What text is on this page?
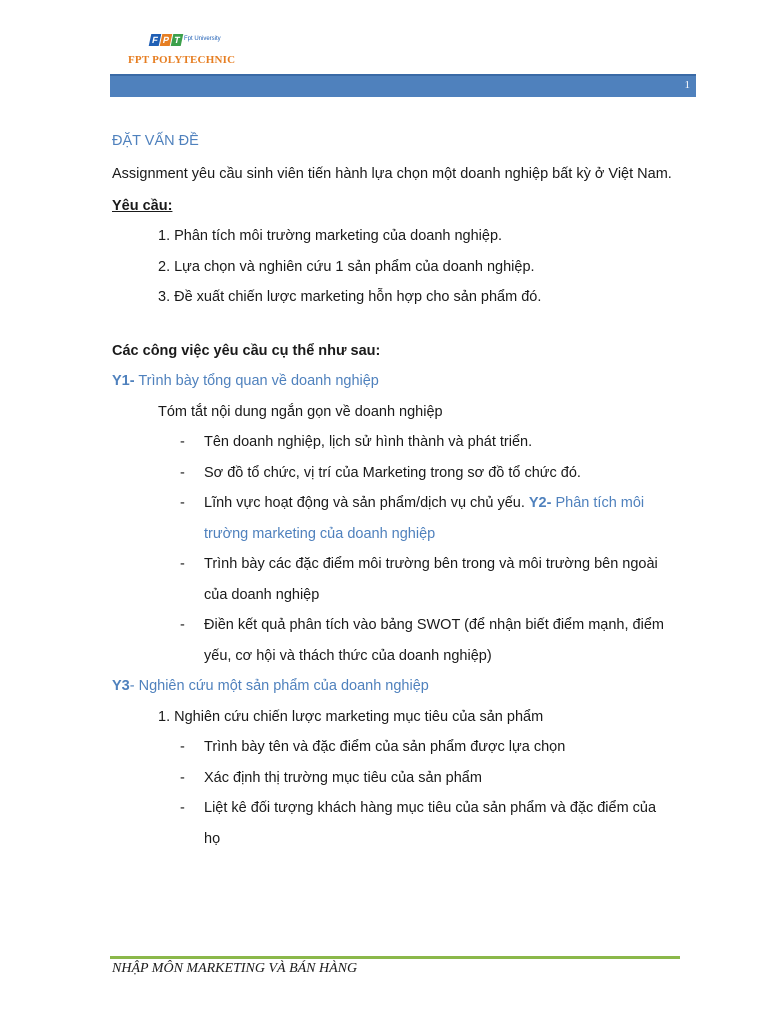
F P T Fpt University
FPT POLYTECHNIC
1
ĐẶT VẤN ĐỀ

Assignment yêu cầu sinh viên tiến hành lựa chọn một doanh nghiệp bất kỳ ở Việt Nam.

Yêu cầu:
1. Phân tích môi trường marketing của doanh nghiệp.
2. Lựa chọn và nghiên cứu 1 sản phẩm của doanh nghiệp.
3. Đề xuất chiến lược marketing hỗn hợp cho sản phẩm đó.
Các công việc yêu cầu cụ thể như sau:
Y1- Trình bày tổng quan về doanh nghiệp
Tóm tắt nội dung ngắn gọn về doanh nghiệp
- Tên doanh nghiệp, lịch sử hình thành và phát triển.
- Sơ đồ tổ chức, vị trí của Marketing trong sơ đồ tổ chức đó.
- Lĩnh vực hoạt động và sản phẩm/dịch vụ chủ yếu. Y2- Phân tích môi
trường marketing của doanh nghiệp
- Trình bày các đặc điểm môi trường bên trong và môi trường bên ngoài
của doanh nghiệp
- Điền kết quả phân tích vào bảng SWOT (để nhận biết điểm mạnh, điểm
yếu, cơ hội và thách thức của doanh nghiệp)
Y3- Nghiên cứu một sản phẩm của doanh nghiệp
1. Nghiên cứu chiến lược marketing mục tiêu của sản phẩm
- Trình bày tên và đặc điểm của sản phẩm được lựa chọn
- Xác định thị trường mục tiêu của sản phẩm
- Liệt kê đối tượng khách hàng mục tiêu của sản phẩm và đặc điểm của
họ
NHẬP MÔN MARKETING VÀ BÁN HÀNG
